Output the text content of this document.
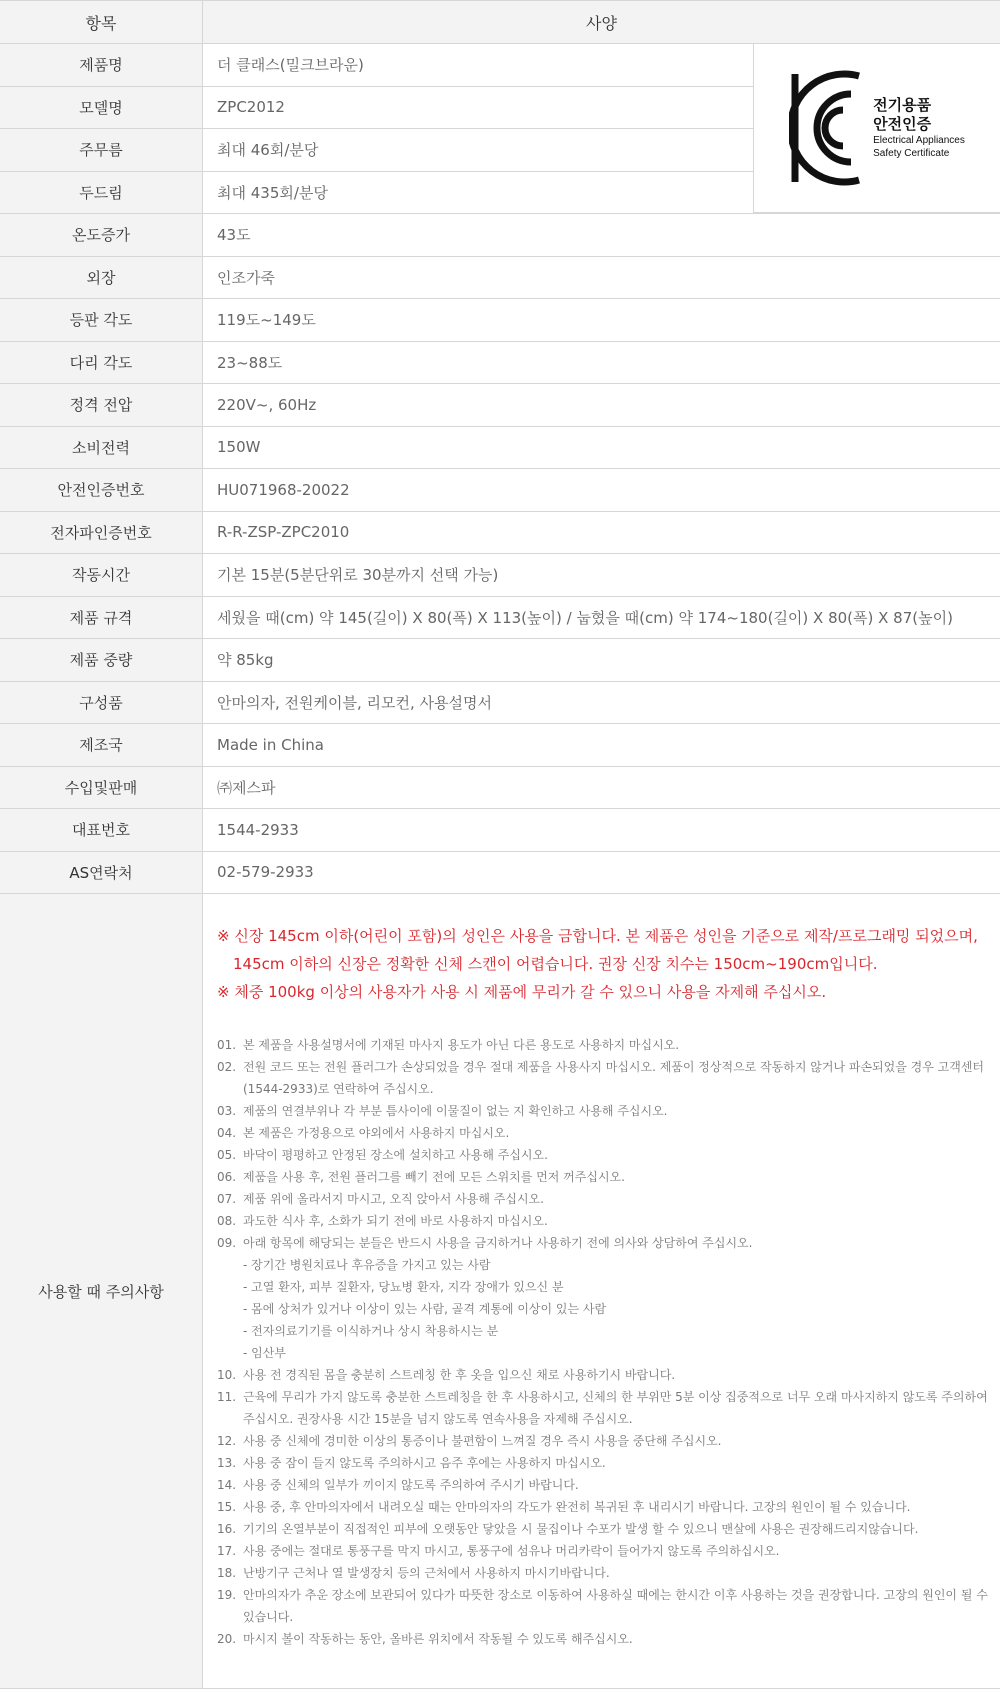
항목	사양
제품명	더 클래스(밀크브라운)
모델명	ZPC2012
주무름	최대 46회/분당
두드림	최대 435회/분당
온도증가	43도
외장	인조가죽
등판 각도	119도~149도
다리 각도	23~88도
정격 전압	220V~, 60Hz
소비전력	150W
안전인증번호	HU071968-20022
전자파인증번호	R-R-ZSP-ZPC2010
작동시간	기본 15분(5분단위로 30분까지 선택 가능)
제품 규격	세웠을 때(cm) 약 145(길이) X 80(폭) X 113(높이) / 눕혔을 때(cm) 약 174~180(길이) X 80(폭) X 87(높이)
제품 중량	약 85kg
구성품	안마의자, 전원케이블, 리모컨, 사용설명서
제조국	Made in China
수입및판매	㈜제스파
대표번호	1544-2933
AS연락처	02-579-2933
전기용품
안전인증
Electrical Appliances
Safety Certificate
사용할 때 주의사항
※ 신장 145cm 이하(어린이 포함)의 성인은 사용을 금합니다. 본 제품은 성인을 기준으로 제작/프로그래밍 되었으며,
145cm 이하의 신장은 정확한 신체 스캔이 어렵습니다. 권장 신장 치수는 150cm~190cm입니다.
※ 체중 100kg 이상의 사용자가 사용 시 제품에 무리가 갈 수 있으니 사용을 자제해 주십시오.
01. 본 제품을 사용설명서에 기재된 마사지 용도가 아닌 다른 용도로 사용하지 마십시오.
02. 전원 코드 또는 전원 플러그가 손상되었을 경우 절대 제품을 사용사지 마십시오. 제품이 정상적으로 작동하지 않거나 파손되었을 경우 고객센터(1544-2933)로 연락하여 주십시오.
03. 제품의 연결부위나 각 부분 틈사이에 이물질이 없는 지 확인하고 사용해 주십시오.
04. 본 제품은 가정용으로 야외에서 사용하지 마십시오.
05. 바닥이 평평하고 안정된 장소에 설치하고 사용해 주십시오.
06. 제품을 사용 후, 전원 플러그를 빼기 전에 모든 스위치를 먼저 꺼주십시오.
07. 제품 위에 올라서지 마시고, 오직 앉아서 사용해 주십시오.
08. 과도한 식사 후, 소화가 되기 전에 바로 사용하지 마십시오.
09. 아래 항목에 해당되는 분들은 반드시 사용을 금지하거나 사용하기 전에 의사와 상담하여 주십시오.
- 장기간 병원치료나 후유증을 가지고 있는 사람
- 고열 환자, 피부 질환자, 당뇨병 환자, 지각 장애가 있으신 분
- 몸에 상처가 있거나 이상이 있는 사람, 골격 계통에 이상이 있는 사람
- 전자의료기기를 이식하거나 상시 착용하시는 분
- 임산부
10. 사용 전 경직된 몸을 충분히 스트레칭 한 후 옷을 입으신 채로 사용하기시 바랍니다.
11. 근육에 무리가 가지 않도록 충분한 스트레칭을 한 후 사용하시고, 신체의 한 부위만 5분 이상 집중적으로 너무 오래 마사지하지 않도록 주의하여 주십시오. 권장사용 시간 15분을 넘지 않도록 연속사용을 자제해 주십시오.
12. 사용 중 신체에 경미한 이상의 통증이나 불편함이 느껴질 경우 즉시 사용을 중단해 주십시오.
13. 사용 중 잠이 들지 않도록 주의하시고 음주 후에는 사용하지 마십시오.
14. 사용 중 신체의 일부가 끼이지 않도록 주의하여 주시기 바랍니다.
15. 사용 중, 후 안마의자에서 내려오실 때는 안마의자의 각도가 완전히 복귀된 후 내리시기 바랍니다. 고장의 원인이 될 수 있습니다.
16. 기기의 온열부분이 직접적인 피부에 오랫동안 닿았을 시 물집이나 수포가 발생 할 수 있으니 맨살에 사용은 권장해드리지않습니다.
17. 사용 중에는 절대로 통풍구를 막지 마시고, 통풍구에 섬유나 머리카락이 들어가지 않도록 주의하십시오.
18. 난방기구 근처나 열 발생장치 등의 근처에서 사용하지 마시기바랍니다.
19. 안마의자가 추운 장소에 보관되어 있다가 따뜻한 장소로 이동하여 사용하실 때에는 한시간 이후 사용하는 것을 권장합니다. 고장의 원인이 될 수 있습니다.
20. 마시지 볼이 작동하는 동안, 올바른 위치에서 작동될 수 있도록 해주십시오.
